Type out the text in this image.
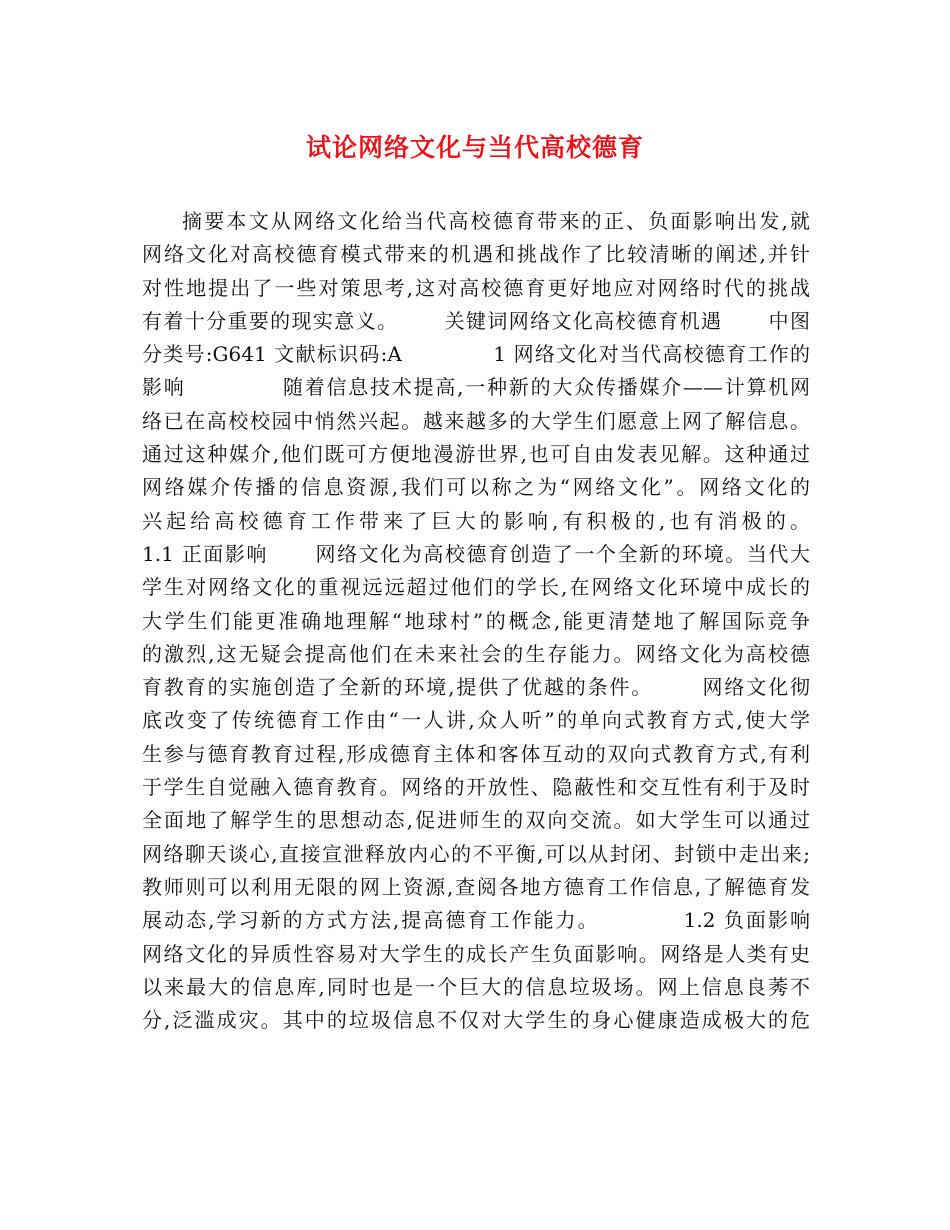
试论网络文化与当代高校德育
摘要本文从网络文化给当代高校德育带来的正、负面影响出发,就
网络文化对高校德育模式带来的机遇和挑战作了比较清晰的阐述,并针
对性地提出了一些对策思考,这对高校德育更好地应对网络时代的挑战
有着十分重要的现实意义。      关键词网络文化高校德育机遇      中图
分类号:G641 文献标识码:A            1 网络文化对当代高校德育工作的
影响            随着信息技术提高,一种新的大众传播媒介——计算机网
络已在高校校园中悄然兴起。越来越多的大学生们愿意上网了解信息。
通过这种媒介,他们既可方便地漫游世界,也可自由发表见解。这种通过
网络媒介传播的信息资源,我们可以称之为“网络文化”。网络文化的
兴起给高校德育工作带来了巨大的影响,有积极的,也有消极的。
1.1 正面影响      网络文化为高校德育创造了一个全新的环境。当代大
学生对网络文化的重视远远超过他们的学长,在网络文化环境中成长的
大学生们能更准确地理解“地球村”的概念,能更清楚地了解国际竞争
的激烈,这无疑会提高他们在未来社会的生存能力。网络文化为高校德
育教育的实施创造了全新的环境,提供了优越的条件。      网络文化彻
底改变了传统德育工作由“一人讲,众人听”的单向式教育方式,使大学
生参与德育教育过程,形成德育主体和客体互动的双向式教育方式,有利
于学生自觉融入德育教育。网络的开放性、隐蔽性和交互性有利于及时
全面地了解学生的思想动态,促进师生的双向交流。如大学生可以通过
网络聊天谈心,直接宣泄释放内心的不平衡,可以从封闭、封锁中走出来;
教师则可以利用无限的网上资源,查阅各地方德育工作信息,了解德育发
展动态,学习新的方式方法,提高德育工作能力。          1.2 负面影响
网络文化的异质性容易对大学生的成长产生负面影响。网络是人类有史
以来最大的信息库,同时也是一个巨大的信息垃圾场。网上信息良莠不
分,泛滥成灾。其中的垃圾信息不仅对大学生的身心健康造成极大的危
